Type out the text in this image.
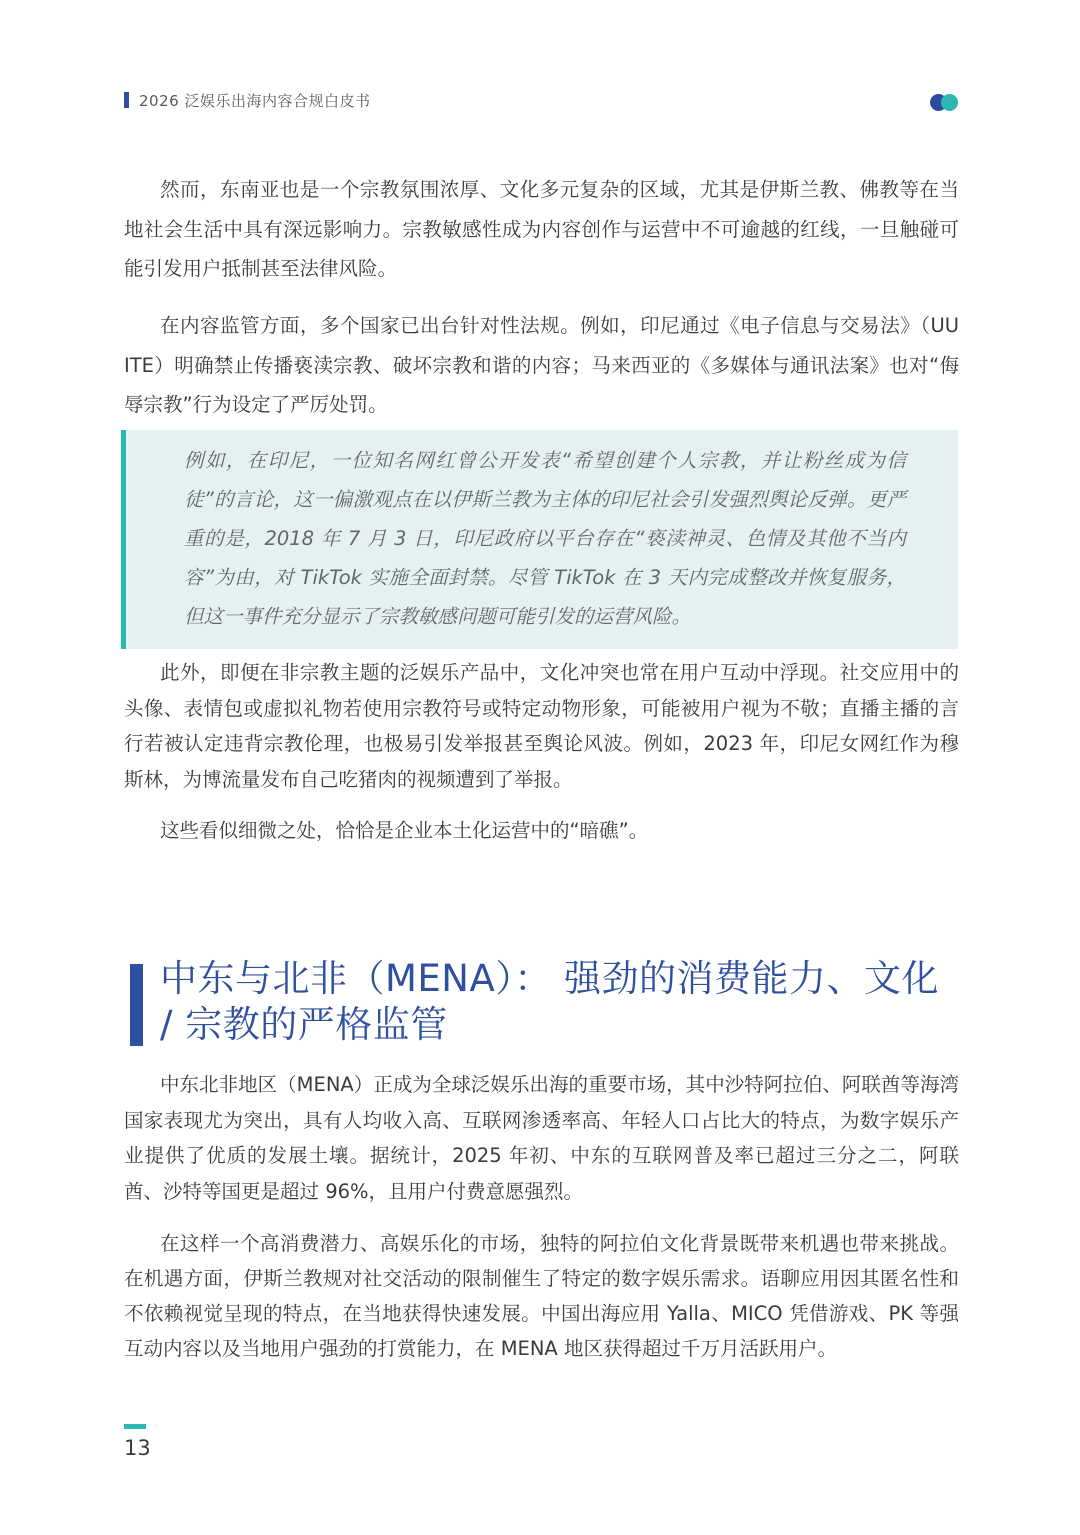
2026 泛娱乐出海内容合规白皮书

然而，东南亚也是一个宗教氛围浓厚、文化多元复杂的区域，尤其是伊斯兰教、佛教等在当地社会生活中具有深远影响力。宗教敏感性成为内容创作与运营中不可逾越的红线，一旦触碰可能引发用户抵制甚至法律风险。

在内容监管方面，多个国家已出台针对性法规。例如，印尼通过《电子信息与交易法》（UU ITE）明确禁止传播亵渎宗教、破坏宗教和谐的内容；马来西亚的《多媒体与通讯法案》也对“侮辱宗教”行为设定了严厉处罚。

例如，在印尼，一位知名网红曾公开发表“希望创建个人宗教，并让粉丝成为信徒”的言论，这一偏激观点在以伊斯兰教为主体的印尼社会引发强烈舆论反弹。更严重的是，2018 年 7 月 3 日，印尼政府以平台存在“亵渎神灵、色情及其他不当内容”为由，对 TikTok 实施全面封禁。尽管 TikTok 在 3 天内完成整改并恢复服务，但这一事件充分显示了宗教敏感问题可能引发的运营风险。

此外，即便在非宗教主题的泛娱乐产品中，文化冲突也常在用户互动中浮现。社交应用中的头像、表情包或虚拟礼物若使用宗教符号或特定动物形象，可能被用户视为不敬；直播主播的言行若被认定违背宗教伦理，也极易引发举报甚至舆论风波。例如，2023 年，印尼女网红作为穆斯林，为博流量发布自己吃猪肉的视频遭到了举报。

这些看似细微之处，恰恰是企业本土化运营中的“暗礁”。

中东与北非（MENA）： 强劲的消费能力、文化 / 宗教的严格监管

中东北非地区（MENA）正成为全球泛娱乐出海的重要市场，其中沙特阿拉伯、阿联酋等海湾国家表现尤为突出，具有人均收入高、互联网渗透率高、年轻人口占比大的特点，为数字娱乐产业提供了优质的发展土壤。据统计，2025 年初、中东的互联网普及率已超过三分之二，阿联酋、沙特等国更是超过 96%，且用户付费意愿强烈。

在这样一个高消费潜力、高娱乐化的市场，独特的阿拉伯文化背景既带来机遇也带来挑战。在机遇方面，伊斯兰教规对社交活动的限制催生了特定的数字娱乐需求。语聊应用因其匿名性和不依赖视觉呈现的特点，在当地获得快速发展。中国出海应用 Yalla、MICO 凭借游戏、PK 等强互动内容以及当地用户强劲的打赏能力，在 MENA 地区获得超过千万月活跃用户。

13
